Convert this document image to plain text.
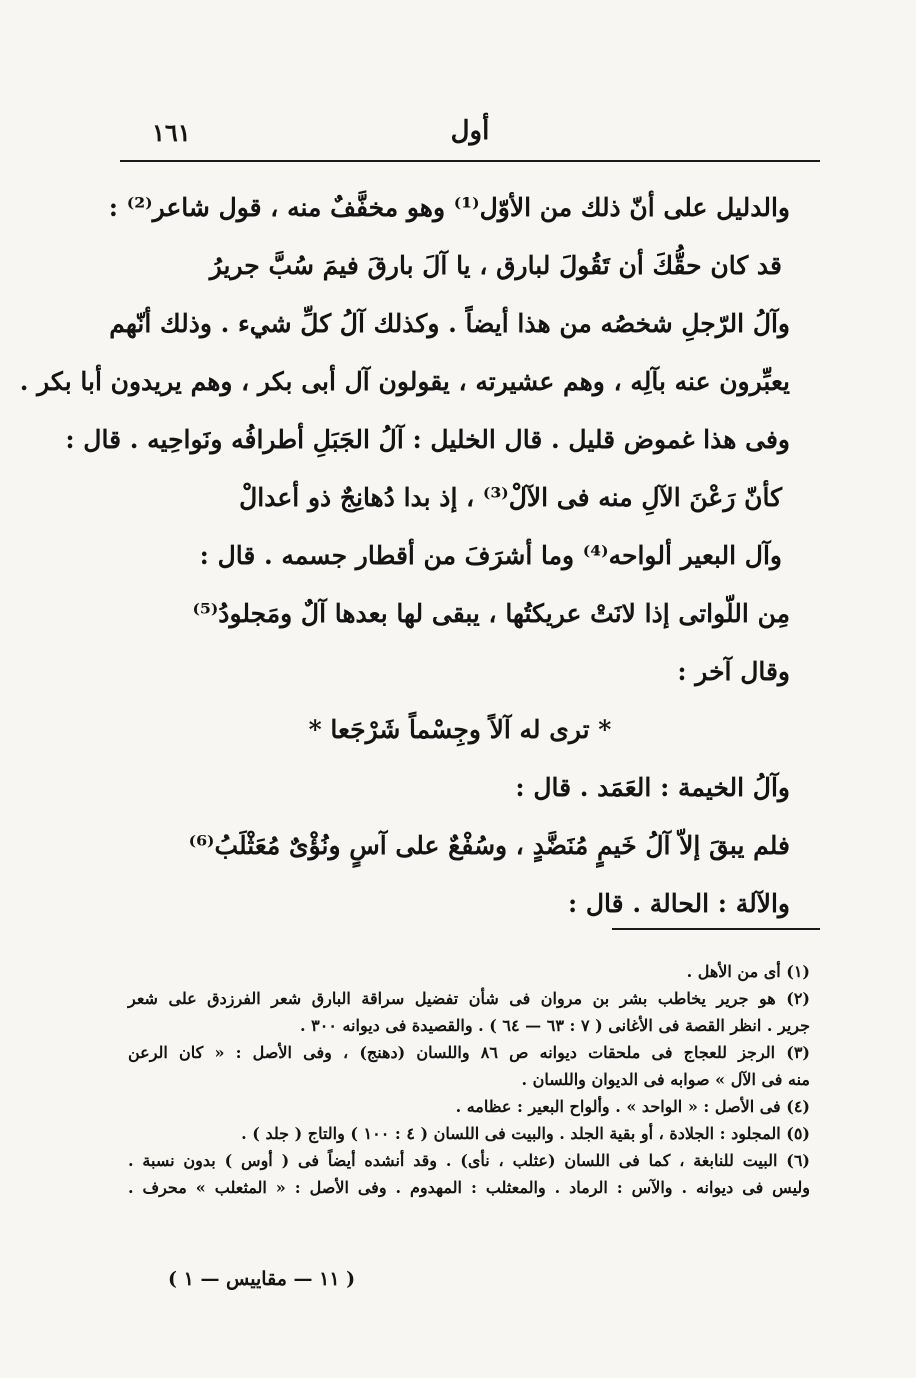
١٦١	أول
والدليل على أنّ ذلك من الأوّل⁽¹⁾ وهو مخفَّفٌ منه ، قول شاعر⁽²⁾ :
قد كان حقُّكَ أن تَقُولَ لبارق ، يا آلَ بارقَ فيمَ سُبَّ جريرُ
وآلُ الرّجلِ شخصُه من هذا أيضاً . وكذلك آلُ كلِّ شيء . وذلك أنّهم
يعبِّرون عنه بآلِه ، وهم عشيرته ، يقولون آل أبى بكر ، وهم يريدون أبا بكر .
وفى هذا غموض قليل . قال الخليل : آلُ الجَبَلِ أطرافُه ونَواحِيه . قال :
كأنّ رَعْنَ الآلِ منه فى الآلْ⁽³⁾ ، إذ بدا دُهانِجٌ ذو أعدالْ
وآل البعير ألواحه⁽⁴⁾ وما أشرَفَ من أقطار جسمه . قال :
مِن اللّواتى إذا لانَتْ عريكتُها ، يبقى لها بعدها آلٌ ومَجلودُ⁽⁵⁾
وقال آخر :
* ترى له آلاً وجِسْماً شَرْجَعا *
وآلُ الخيمة : العَمَد . قال :
فلم يبقَ إلاّ آلُ خَيمٍ مُنَضَّدٍ ، وسُفْعٌ على آسٍ ونُؤْىٌ مُعَثْلَبُ⁽⁶⁾
والآلة : الحالة . قال :
(١) أى من الأهل .
(٢) هو جرير يخاطب بشر بن مروان فى شأن تفضيل سراقة البارق شعر الفرزدق على شعر
جرير . انظر القصة فى الأغانى ( ٧ : ٦٣ — ٦٤ ) . والقصيدة فى ديوانه ٣٠٠ .
(٣) الرجز للعجاج فى ملحقات ديوانه ص ٨٦ واللسان (دهنج) ، وفى الأصل : « كان الرعن
منه فى الآل » صوابه فى الديوان واللسان .
(٤) فى الأصل : « الواحد » . وألواح البعير : عظامه .
(٥) المجلود : الجلادة ، أو بقية الجلد . والبيت فى اللسان ( ٤ : ١٠٠ ) والتاج ( جلد ) .
(٦) البيت للنابغة ، كما فى اللسان (عثلب ، نأى) . وقد أنشده أيضاً فى ( أوس ) بدون نسبة .
وليس فى ديوانه . والآس : الرماد . والمعثلب : المهدوم . وفى الأصل : « المثعلب » محرف .
( ١١ — مقاييس — ١ )
